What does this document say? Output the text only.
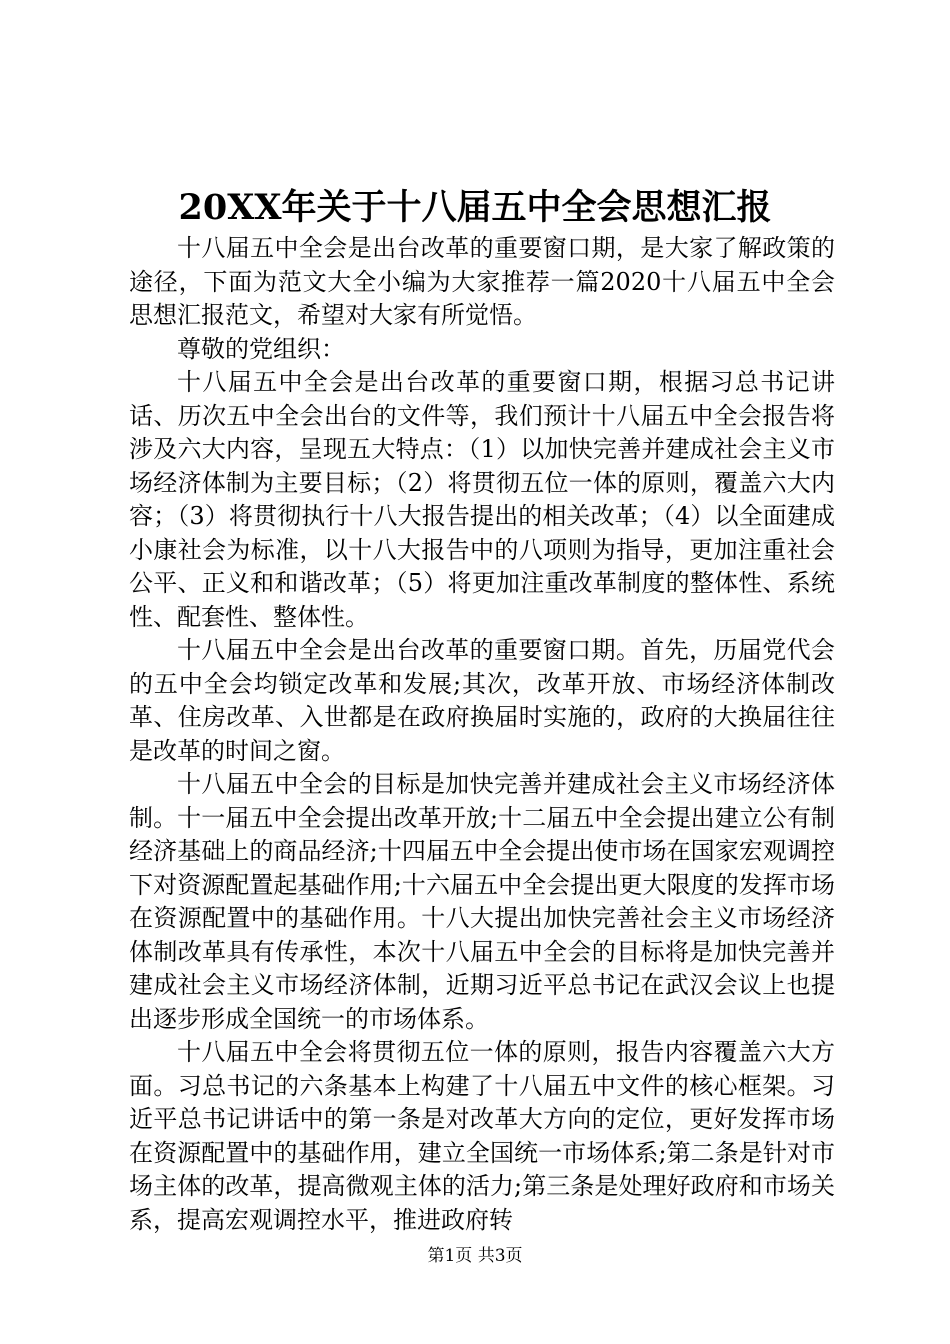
20XX年关于十八届五中全会思想汇报

十八届五中全会是出台改革的重要窗口期，是大家了解政策的途径，下面为范文大全小编为大家推荐一篇2020十八届五中全会思想汇报范文，希望对大家有所觉悟。

尊敬的党组织：

十八届五中全会是出台改革的重要窗口期，根据习总书记讲话、历次五中全会出台的文件等，我们预计十八届五中全会报告将涉及六大内容，呈现五大特点：（1）以加快完善并建成社会主义市场经济体制为主要目标；（2）将贯彻五位一体的原则，覆盖六大内容；（3）将贯彻执行十八大报告提出的相关改革；（4）以全面建成小康社会为标准，以十八大报告中的八项则为指导，更加注重社会公平、正义和和谐改革；（5）将更加注重改革制度的整体性、系统性、配套性、整体性。

十八届五中全会是出台改革的重要窗口期。首先，历届党代会的五中全会均锁定改革和发展;其次，改革开放、市场经济体制改革、住房改革、入世都是在政府换届时实施的，政府的大换届往往是改革的时间之窗。

十八届五中全会的目标是加快完善并建成社会主义市场经济体制。十一届五中全会提出改革开放;十二届五中全会提出建立公有制经济基础上的商品经济;十四届五中全会提出使市场在国家宏观调控下对资源配置起基础作用;十六届五中全会提出更大限度的发挥市场在资源配置中的基础作用。十八大提出加快完善社会主义市场经济体制改革具有传承性，本次十八届五中全会的目标将是加快完善并建成社会主义市场经济体制，近期习近平总书记在武汉会议上也提出逐步形成全国统一的市场体系。

十八届五中全会将贯彻五位一体的原则，报告内容覆盖六大方面。习总书记的六条基本上构建了十八届五中文件的核心框架。习近平总书记讲话中的第一条是对改革大方向的定位，更好发挥市场在资源配置中的基础作用，建立全国统一市场体系;第二条是针对市场主体的改革，提高微观主体的活力;第三条是处理好政府和市场关系，提高宏观调控水平，推进政府转

第1页 共3页
